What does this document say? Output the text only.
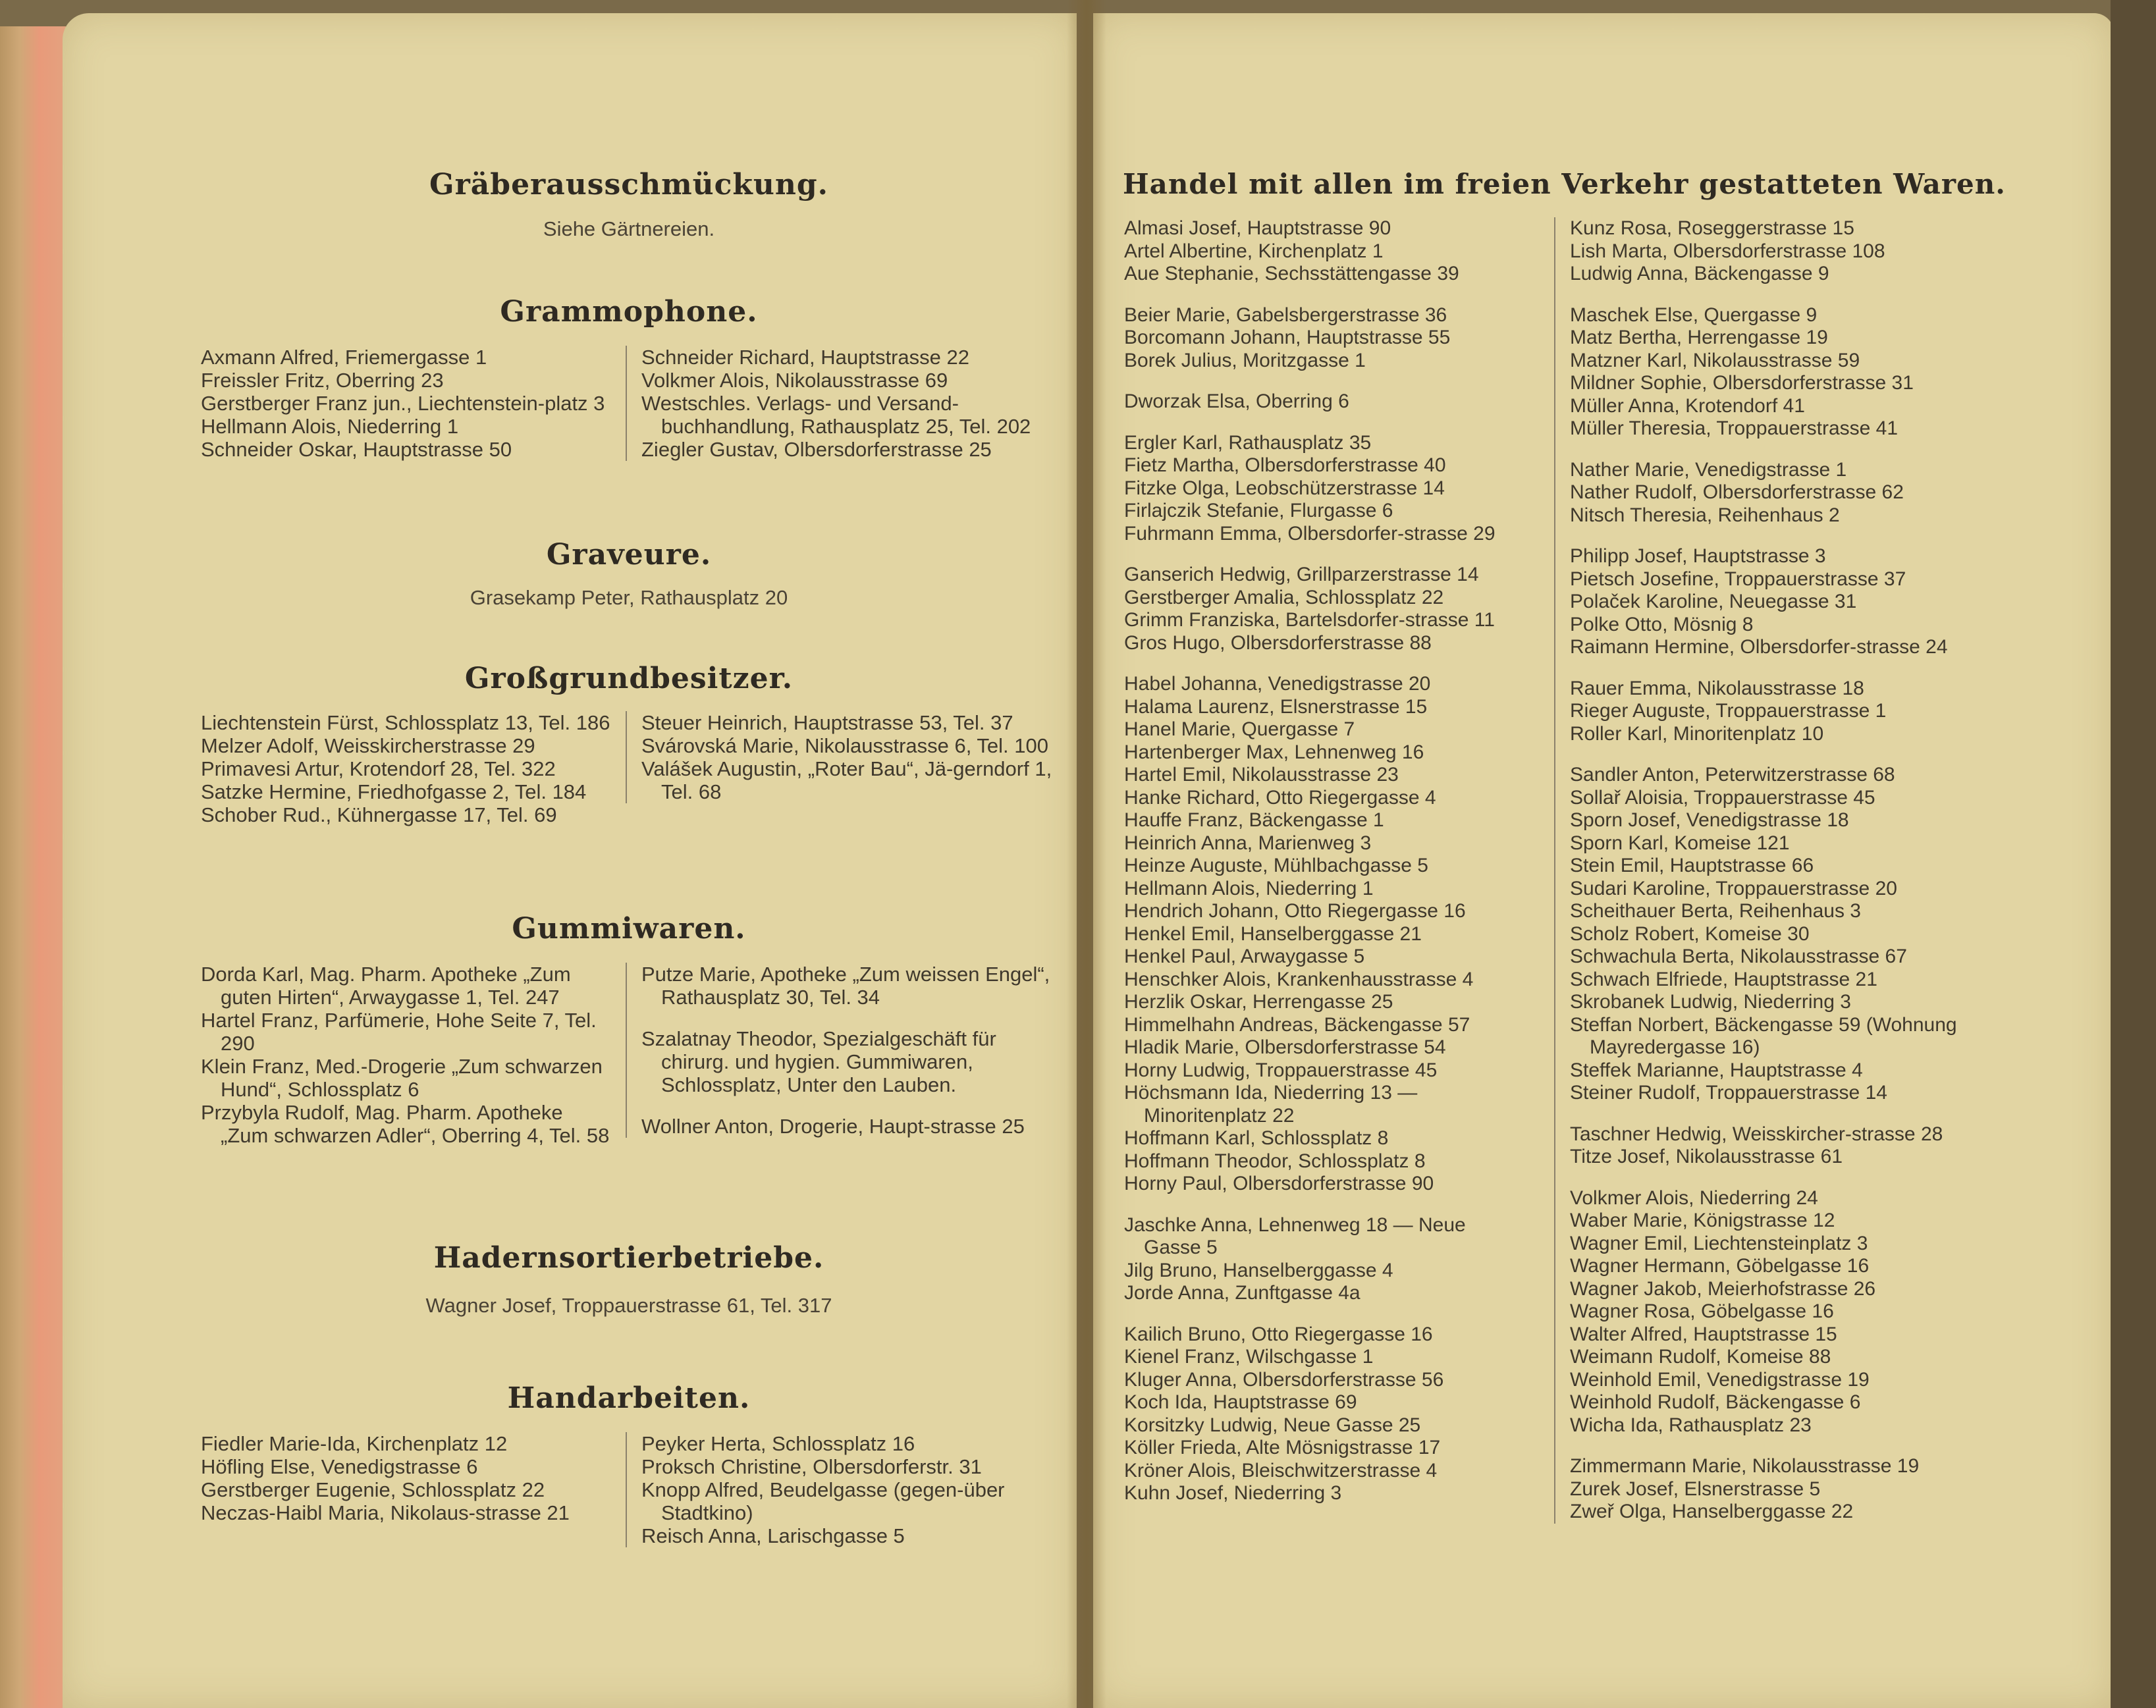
Gräberausschmückung.
Siehe Gärtnereien.
Grammophone.

Axmann Alfred, Friemergasse 1

Freissler Fritz, Oberring 23

Gerstberger Franz jun., Liechtenstein-platz 3

Hellmann Alois, Niederring 1

Schneider Oskar, Hauptstrasse 50

Schneider Richard, Hauptstrasse 22

Volkmer Alois, Nikolausstrasse 69

Westschles. Verlags- und Versand-buchhandlung, Rathausplatz 25, Tel. 202

Ziegler Gustav, Olbersdorferstrasse 25

Graveure.
Grasekamp Peter, Rathausplatz 20
Großgrundbesitzer.

Liechtenstein Fürst, Schlossplatz 13, Tel. 186

Melzer Adolf, Weisskircherstrasse 29

Primavesi Artur, Krotendorf 28, Tel. 322

Satzke Hermine, Friedhofgasse 2, Tel. 184

Schober Rud., Kühnergasse 17, Tel. 69

Steuer Heinrich, Hauptstrasse 53, Tel. 37

Svárovská Marie, Nikolausstrasse 6, Tel. 100

Valášek Augustin, „Roter Bau“, Jä-gerndorf 1, Tel. 68

Gummiwaren.

Dorda Karl, Mag. Pharm. Apotheke „Zum guten Hirten“, Arwaygasse 1, Tel. 247

Hartel Franz, Parfümerie, Hohe Seite 7, Tel. 290

Klein Franz, Med.-Drogerie „Zum schwarzen Hund“, Schlossplatz 6

Przybyla Rudolf, Mag. Pharm. Apotheke „Zum schwarzen Adler“, Oberring 4, Tel. 58

Putze Marie, Apotheke „Zum weissen Engel“, Rathausplatz 30, Tel. 34

Szalatnay Theodor, Spezialgeschäft für chirurg. und hygien. Gummiwaren, Schlossplatz, Unter den Lauben.

Wollner Anton, Drogerie, Haupt-strasse 25

Hadernsortierbetriebe.
Wagner Josef, Troppauerstrasse 61, Tel. 317
Handarbeiten.

Fiedler Marie-Ida, Kirchenplatz 12

Höfling Else, Venedigstrasse 6

Gerstberger Eugenie, Schlossplatz 22

Neczas-Haibl Maria, Nikolaus-strasse 21

Peyker Herta, Schlossplatz 16

Proksch Christine, Olbersdorferstr. 31

Knopp Alfred, Beudelgasse (gegen-über Stadtkino)

Reisch Anna, Larischgasse 5

Handel mit allen im freien Verkehr gestatteten Waren.

Almasi Josef, Hauptstrasse 90

Artel Albertine, Kirchenplatz 1

Aue Stephanie, Sechsstättengasse 39

Beier Marie, Gabelsbergerstrasse 36

Borcomann Johann, Hauptstrasse 55

Borek Julius, Moritzgasse 1

Dworzak Elsa, Oberring 6

Ergler Karl, Rathausplatz 35

Fietz Martha, Olbersdorferstrasse 40

Fitzke Olga, Leobschützerstrasse 14

Firlajczik Stefanie, Flurgasse 6

Fuhrmann Emma, Olbersdorfer-strasse 29

Ganserich Hedwig, Grillparzerstrasse 14

Gerstberger Amalia, Schlossplatz 22

Grimm Franziska, Bartelsdorfer-strasse 11

Gros Hugo, Olbersdorferstrasse 88

Habel Johanna, Venedigstrasse 20

Halama Laurenz, Elsnerstrasse 15

Hanel Marie, Quergasse 7

Hartenberger Max, Lehnenweg 16

Hartel Emil, Nikolausstrasse 23

Hanke Richard, Otto Riegergasse 4

Hauffe Franz, Bäckengasse 1

Heinrich Anna, Marienweg 3

Heinze Auguste, Mühlbachgasse 5

Hellmann Alois, Niederring 1

Hendrich Johann, Otto Riegergasse 16

Henkel Emil, Hanselberggasse 21

Henkel Paul, Arwaygasse 5

Henschker Alois, Krankenhausstrasse 4

Herzlik Oskar, Herrengasse 25

Himmelhahn Andreas, Bäckengasse 57

Hladik Marie, Olbersdorferstrasse 54

Horny Ludwig, Troppauerstrasse 45

Höchsmann Ida, Niederring 13 — Minoritenplatz 22

Hoffmann Karl, Schlossplatz 8

Hoffmann Theodor, Schlossplatz 8

Horny Paul, Olbersdorferstrasse 90

Jaschke Anna, Lehnenweg 18 — Neue Gasse 5

Jilg Bruno, Hanselberggasse 4

Jorde Anna, Zunftgasse 4a

Kailich Bruno, Otto Riegergasse 16

Kienel Franz, Wilschgasse 1

Kluger Anna, Olbersdorferstrasse 56

Koch Ida, Hauptstrasse 69

Korsitzky Ludwig, Neue Gasse 25

Köller Frieda, Alte Mösnigstrasse 17

Kröner Alois, Bleischwitzerstrasse 4

Kuhn Josef, Niederring 3

Kunz Rosa, Roseggerstrasse 15

Lish Marta, Olbersdorferstrasse 108

Ludwig Anna, Bäckengasse 9

Maschek Else, Quergasse 9

Matz Bertha, Herrengasse 19

Matzner Karl, Nikolausstrasse 59

Mildner Sophie, Olbersdorferstrasse 31

Müller Anna, Krotendorf 41

Müller Theresia, Troppauerstrasse 41

Nather Marie, Venedigstrasse 1

Nather Rudolf, Olbersdorferstrasse 62

Nitsch Theresia, Reihenhaus 2

Philipp Josef, Hauptstrasse 3

Pietsch Josefine, Troppauerstrasse 37

Polaček Karoline, Neuegasse 31

Polke Otto, Mösnig 8

Raimann Hermine, Olbersdorfer-strasse 24

Rauer Emma, Nikolausstrasse 18

Rieger Auguste, Troppauerstrasse 1

Roller Karl, Minoritenplatz 10

Sandler Anton, Peterwitzerstrasse 68

Sollař Aloisia, Troppauerstrasse 45

Sporn Josef, Venedigstrasse 18

Sporn Karl, Komeise 121

Stein Emil, Hauptstrasse 66

Sudari Karoline, Troppauerstrasse 20

Scheithauer Berta, Reihenhaus 3

Scholz Robert, Komeise 30

Schwachula Berta, Nikolausstrasse 67

Schwach Elfriede, Hauptstrasse 21

Skrobanek Ludwig, Niederring 3

Steffan Norbert, Bäckengasse 59 (Wohnung Mayredergasse 16)

Steffek Marianne, Hauptstrasse 4

Steiner Rudolf, Troppauerstrasse 14

Taschner Hedwig, Weisskircher-strasse 28

Titze Josef, Nikolausstrasse 61

Volkmer Alois, Niederring 24

Waber Marie, Königstrasse 12

Wagner Emil, Liechtensteinplatz 3

Wagner Hermann, Göbelgasse 16

Wagner Jakob, Meierhofstrasse 26

Wagner Rosa, Göbelgasse 16

Walter Alfred, Hauptstrasse 15

Weimann Rudolf, Komeise 88

Weinhold Emil, Venedigstrasse 19

Weinhold Rudolf, Bäckengasse 6

Wicha Ida, Rathausplatz 23

Zimmermann Marie, Nikolausstrasse 19

Zurek Josef, Elsnerstrasse 5

Zweř Olga, Hanselberggasse 22
